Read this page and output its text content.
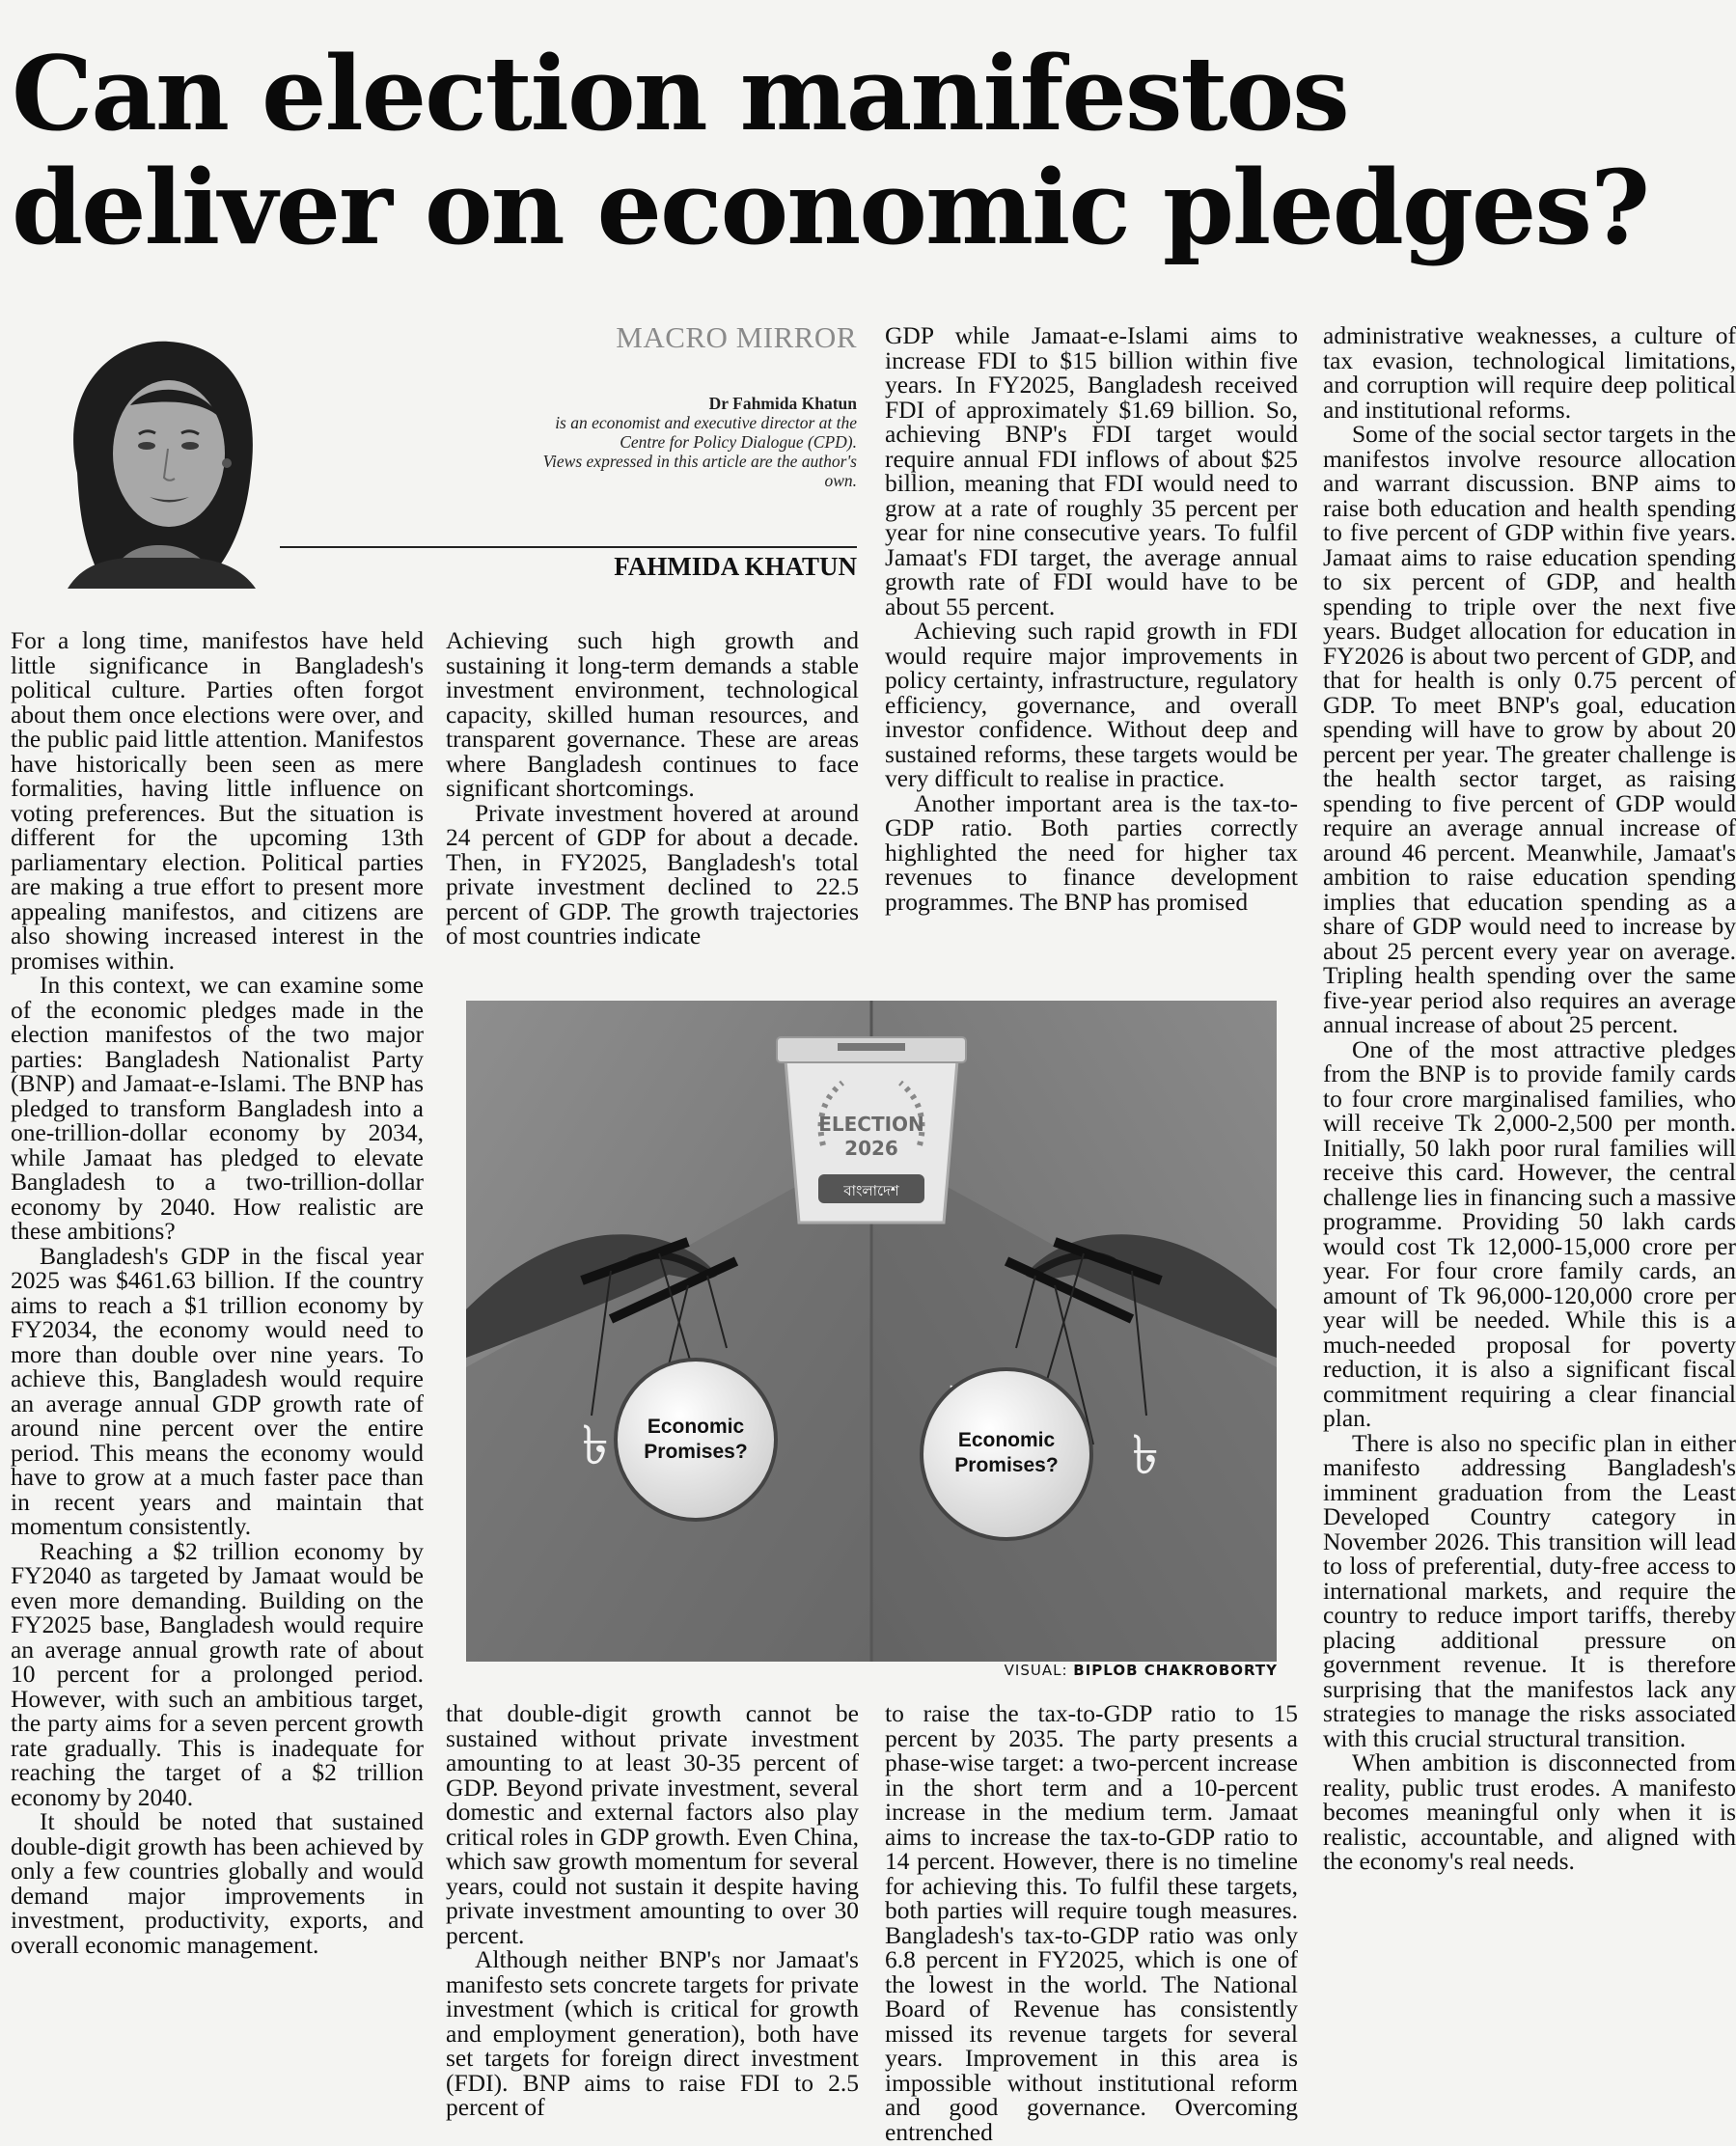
Can election manifestos
deliver on economic pledges?
MACRO MIRROR
Dr Fahmida Khatun
is an economist and executive director at the
Centre for Policy Dialogue (CPD).
Views expressed in this article are the author's
own.
FAHMIDA KHATUN

For a long time, manifestos have held little significance in Bangladesh's political culture. Parties often forgot about them once elections were over, and the public paid little attention. Manifestos have historically been seen as mere formalities, having little influence on voting preferences. But the situation is different for the upcoming 13th parliamentary election. Political parties are making a true effort to present more appealing manifestos, and citizens are also showing increased interest in the promises within.

In this context, we can examine some of the economic pledges made in the election manifestos of the two major parties: Bangladesh Nationalist Party (BNP) and Jamaat-e-Islami. The BNP has pledged to transform Bangladesh into a one-trillion-dollar economy by 2034, while Jamaat has pledged to elevate Bangladesh to a two-trillion-dollar economy by 2040. How realistic are these ambitions?

Bangladesh's GDP in the fiscal year 2025 was $461.63 billion. If the country aims to reach a $1 trillion economy by FY2034, the economy would need to more than double over nine years. To achieve this, Bangladesh would require an average annual GDP growth rate of around nine percent over the entire period. This means the economy would have to grow at a much faster pace than in recent years and maintain that momentum consistently.

Reaching a $2 trillion economy by FY2040 as targeted by Jamaat would be even more demanding. Building on the FY2025 base, Bangladesh would require an average annual growth rate of about 10 percent for a prolonged period. However, with such an ambitious target, the party aims for a seven percent growth rate gradually. This is inadequate for reaching the target of a $2 trillion economy by 2040.

It should be noted that sustained double-digit growth has been achieved by only a few countries globally and would demand major improvements in investment, productivity, exports, and overall economic management.

Achieving such high growth and sustaining it long-term demands a stable investment environment, technological capacity, skilled human resources, and transparent governance. These are areas where Bangladesh continues to face significant shortcomings.

Private investment hovered at around 24 percent of GDP for about a decade. Then, in FY2025, Bangladesh's total private investment declined to 22.5 percent of GDP. The growth trajectories of most countries indicate

GDP while Jamaat-e-Islami aims to increase FDI to $15 billion within five years. In FY2025, Bangladesh received FDI of approximately $1.69 billion. So, achieving BNP's FDI target would require annual FDI inflows of about $25 billion, meaning that FDI would need to grow at a rate of roughly 35 percent per year for nine consecutive years. To fulfil Jamaat's FDI target, the average annual growth rate of FDI would have to be about 55 percent.

Achieving such rapid growth in FDI would require major improvements in policy certainty, infrastructure, regulatory efficiency, governance, and overall investor confidence. Without deep and sustained reforms, these targets would be very difficult to realise in practice.

Another important area is the tax-to-GDP ratio. Both parties correctly highlighted the need for higher tax revenues to finance development programmes. The BNP has promised

administrative weaknesses, a culture of tax evasion, technological limitations, and corruption will require deep political and institutional reforms.

Some of the social sector targets in the manifestos involve resource allocation and warrant discussion. BNP aims to raise both education and health spending to five percent of GDP within five years. Jamaat aims to raise education spending to six percent of GDP, and health spending to triple over the next five years. Budget allocation for education in FY2026 is about two percent of GDP, and that for health is only 0.75 percent of GDP. To meet BNP's goal, education spending will have to grow by about 20 percent per year. The greater challenge is the health sector target, as raising spending to five percent of GDP would require an average annual increase of around 46 percent. Meanwhile, Jamaat's ambition to raise education spending implies that education spending as a share of GDP would need to increase by about 25 percent every year on average. Tripling health spending over the same five-year period also requires an average annual increase of about 25 percent.

One of the most attractive pledges from the BNP is to provide family cards to four crore marginalised families, who will receive Tk 2,000-2,500 per month. Initially, 50 lakh poor rural families will receive this card. However, the central challenge lies in financing such a massive programme. Providing 50 lakh cards would cost Tk 12,000-15,000 crore per year. For four crore family cards, an amount of Tk 96,000-120,000 crore per year will be needed. While this is a much-needed proposal for poverty reduction, it is also a significant fiscal commitment requiring a clear financial plan.

There is also no specific plan in either manifesto addressing Bangladesh's imminent graduation from the Least Developed Country category in November 2026. This transition will lead to loss of preferential, duty-free access to international markets, and require the country to reduce import tariffs, thereby placing additional pressure on government revenue. It is therefore surprising that the manifestos lack any strategies to manage the risks associated with this crucial structural transition.

When ambition is disconnected from reality, public trust erodes. A manifesto becomes meaningful only when it is realistic, accountable, and aligned with the economy's real needs.

that double-digit growth cannot be sustained without private investment amounting to at least 30-35 percent of GDP. Beyond private investment, several domestic and external factors also play critical roles in GDP growth. Even China, which saw growth momentum for several years, could not sustain it despite having private investment amounting to over 30 percent.

Although neither BNP's nor Jamaat's manifesto sets concrete targets for private investment (which is critical for growth and employment generation), both have set targets for foreign direct investment (FDI). BNP aims to raise FDI to 2.5 percent of

to raise the tax-to-GDP ratio to 15 percent by 2035. The party presents a phase-wise target: a two-percent increase in the short term and a 10-percent increase in the medium term. Jamaat aims to increase the tax-to-GDP ratio to 14 percent. However, there is no timeline for achieving this. To fulfil these targets, both parties will require tough measures. Bangladesh's tax-to-GDP ratio was only 6.8 percent in FY2025, which is one of the lowest in the world. The National Board of Revenue has consistently missed its revenue targets for several years. Improvement in this area is impossible without institutional reform and good governance. Overcoming entrenched

ELECTION
2026
বাংলাদেশ
৳	৳
Economic
Promises?
Economic
Promises?
VISUAL: BIPLOB CHAKROBORTY
